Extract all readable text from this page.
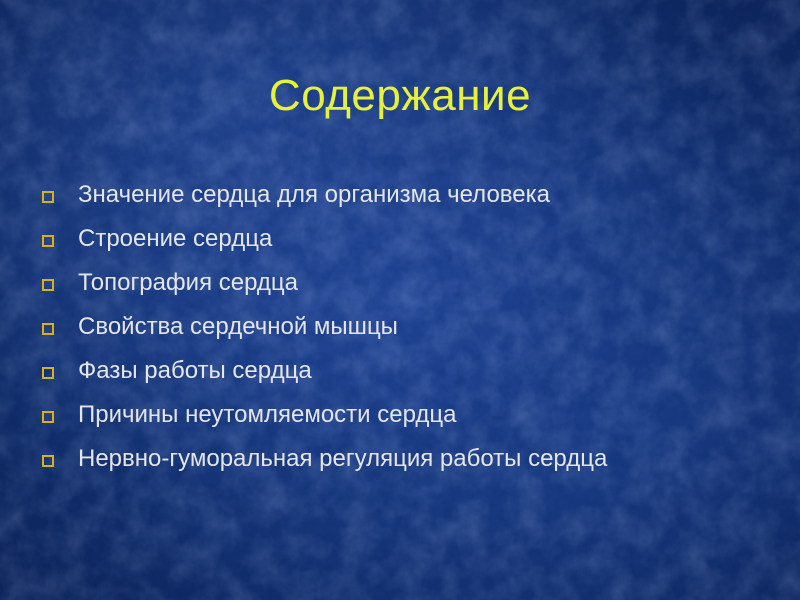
Содержание
Значение сердца для организма человека
Строение сердца
Топография сердца
Свойства сердечной мышцы
Фазы работы сердца
Причины неутомляемости сердца
Нервно-гуморальная регуляция работы сердца
